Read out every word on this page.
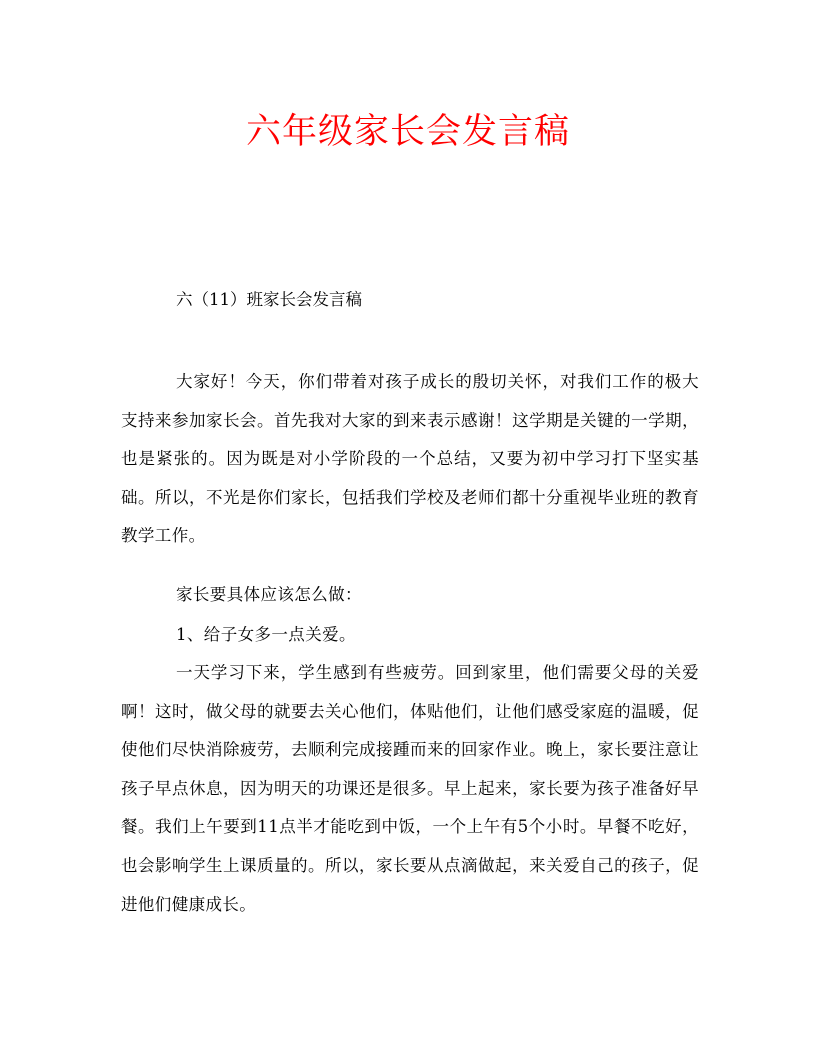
六年级家长会发言稿

六（11）班家长会发言稿

大家好！今天，你们带着对孩子成长的殷切关怀，对我们工作的极大支持来参加家长会。首先我对大家的到来表示感谢！这学期是关键的一学期，也是紧张的。因为既是对小学阶段的一个总结，又要为初中学习打下坚实基础。所以，不光是你们家长，包括我们学校及老师们都十分重视毕业班的教育教学工作。

家长要具体应该怎么做：

1、给子女多一点关爱。

一天学习下来，学生感到有些疲劳。回到家里，他们需要父母的关爱啊！这时，做父母的就要去关心他们，体贴他们，让他们感受家庭的温暖，促使他们尽快消除疲劳，去顺利完成接踵而来的回家作业。晚上，家长要注意让孩子早点休息，因为明天的功课还是很多。早上起来，家长要为孩子准备好早餐。我们上午要到11点半才能吃到中饭，一个上午有5个小时。早餐不吃好，也会影响学生上课质量的。所以，家长要从点滴做起，来关爱自己的孩子，促进他们健康成长。
